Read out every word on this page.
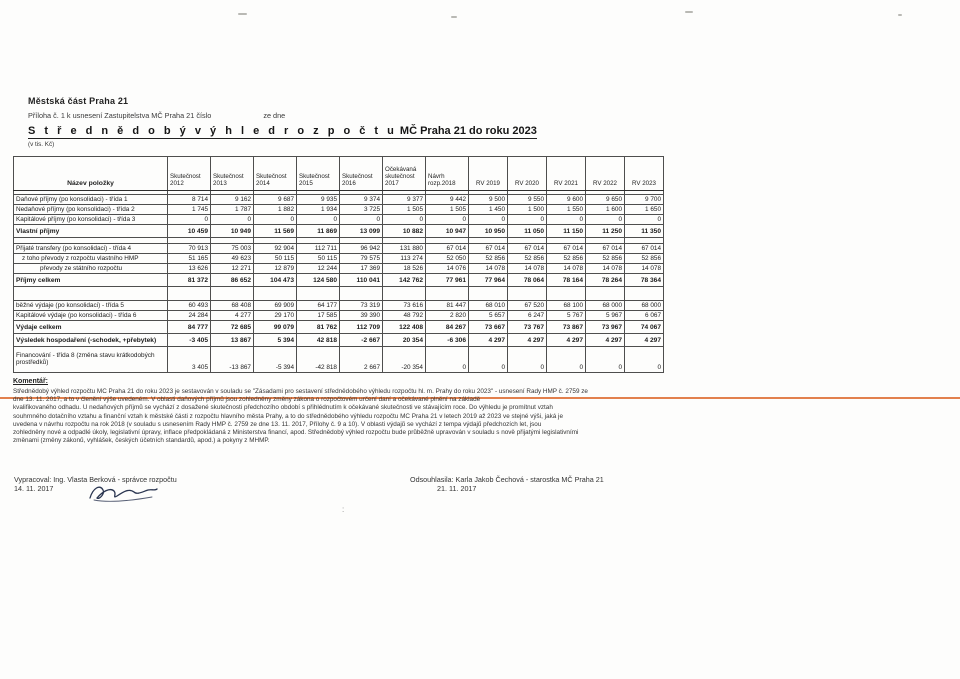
Městská část Praha 21
Příloha č. 1 k usnesení Zastupitelstva MČ Praha 21 číslo	ze dne
S t ř e d n ě d o b ý v ý h l e d r o z p o č t u MČ Praha 21 do roku 2023
(v tis. Kč)
Název položky	Skutečnost 2012	Skutečnost 2013	Skutečnost 2014	Skutečnost 2015	Skutečnost 2016	Očekávaná skutečnost 2017	Návrh rozp.2018	RV 2019	RV 2020	RV 2021	RV 2022	RV 2023

Daňové příjmy (po konsolidaci) - třída 1	8 714	9 162	9 687	9 935	9 374	9 377	9 442	9 500	9 550	9 600	9 650	9 700
Nedaňové příjmy (po konsolidaci) - třída 2	1 745	1 787	1 882	1 934	3 725	1 505	1 505	1 450	1 500	1 550	1 600	1 650
Kapitálové příjmy (po konsolidaci) - třída 3	0	0	0	0	0	0	0	0	0	0	0	0
Vlastní příjmy	10 459	10 949	11 569	11 869	13 099	10 882	10 947	10 950	11 050	11 150	11 250	11 350

Přijaté transfery (po konsolidaci) - třída 4	70 913	75 003	92 904	112 711	96 942	131 880	67 014	67 014	67 014	67 014	67 014	67 014
z toho převody z rozpočtu vlastního HMP	51 165	49 623	50 115	50 115	79 575	113 274	52 050	52 856	52 856	52 856	52 856	52 856
převody ze státního rozpočtu	13 626	12 271	12 879	12 244	17 369	18 526	14 076	14 078	14 078	14 078	14 078	14 078
Příjmy celkem	81 372	86 652	104 473	124 580	110 041	142 762	77 961	77 964	78 064	78 164	78 264	78 364

běžné výdaje (po konsolidaci) - třída 5	60 493	68 408	69 909	64 177	73 319	73 616	81 447	68 010	67 520	68 100	68 000	68 000
Kapitálové výdaje (po konsolidaci) - třída 6	24 284	4 277	29 170	17 585	39 390	48 792	2 820	5 657	6 247	5 767	5 967	6 067
Výdaje celkem	84 777	72 685	99 079	81 762	112 709	122 408	84 267	73 667	73 767	73 867	73 967	74 067
Výsledek hospodaření (-schodek, +přebytek)	-3 405	13 867	5 394	42 818	-2 667	20 354	-6 306	4 297	4 297	4 297	4 297	4 297
Financování - třída 8 (změna stavu krátkodobých prostředků)	3 405	-13 867	-5 394	-42 818	2 667	-20 354	0	0	0	0	0	0
Komentář:
Střednědobý výhled rozpočtu MČ Praha 21 do roku 2023 je sestavován v souladu se "Zásadami pro sestavení střednědobého výhledu rozpočtu hl. m. Prahy do roku 2023" - usnesení Rady HMP č. 2759 ze
dne 13. 11. 2017, a to v členění výše uvedeném. V oblasti daňových příjmů jsou zohledněny změny zákona o rozpočtovém určení daní a očekávané plnění na základě
kvalifikovaného odhadu. U nedaňových příjmů se vychází z dosažené skutečnosti předchozího období s přihlédnutím k očekávané skutečnosti ve stávajícím roce. Do výhledu je promítnut vztah
souhrnného dotačního vztahu a finanční vztah k městské části z rozpočtu hlavního města Prahy, a to do střednědobého výhledu rozpočtu MČ Praha 21 v letech 2019 až 2023 ve stejné výši, jaká je
uvedena v návrhu rozpočtu na rok 2018 (v souladu s usnesením Rady HMP č. 2759 ze dne 13. 11. 2017, Přílohy č. 9 a 10). V oblasti výdajů se vychází z tempa výdajů předchozích let, jsou
zohledněny nové a odpadlé úkoly, legislativní úpravy, inflace předpokládaná z Ministerstva financí, apod. Střednědobý výhled rozpočtu bude průběžně upravován v souladu s nově přijatými legislativními
změnami (změny zákonů, vyhlášek, českých účetních standardů, apod.) a pokyny z MHMP.
Vypracoval: Ing. Vlasta Berková - správce rozpočtu
14. 11. 2017
Odsouhlasila: Karla Jakob Čechová - starostka MČ Praha 21
21. 11. 2017
:
